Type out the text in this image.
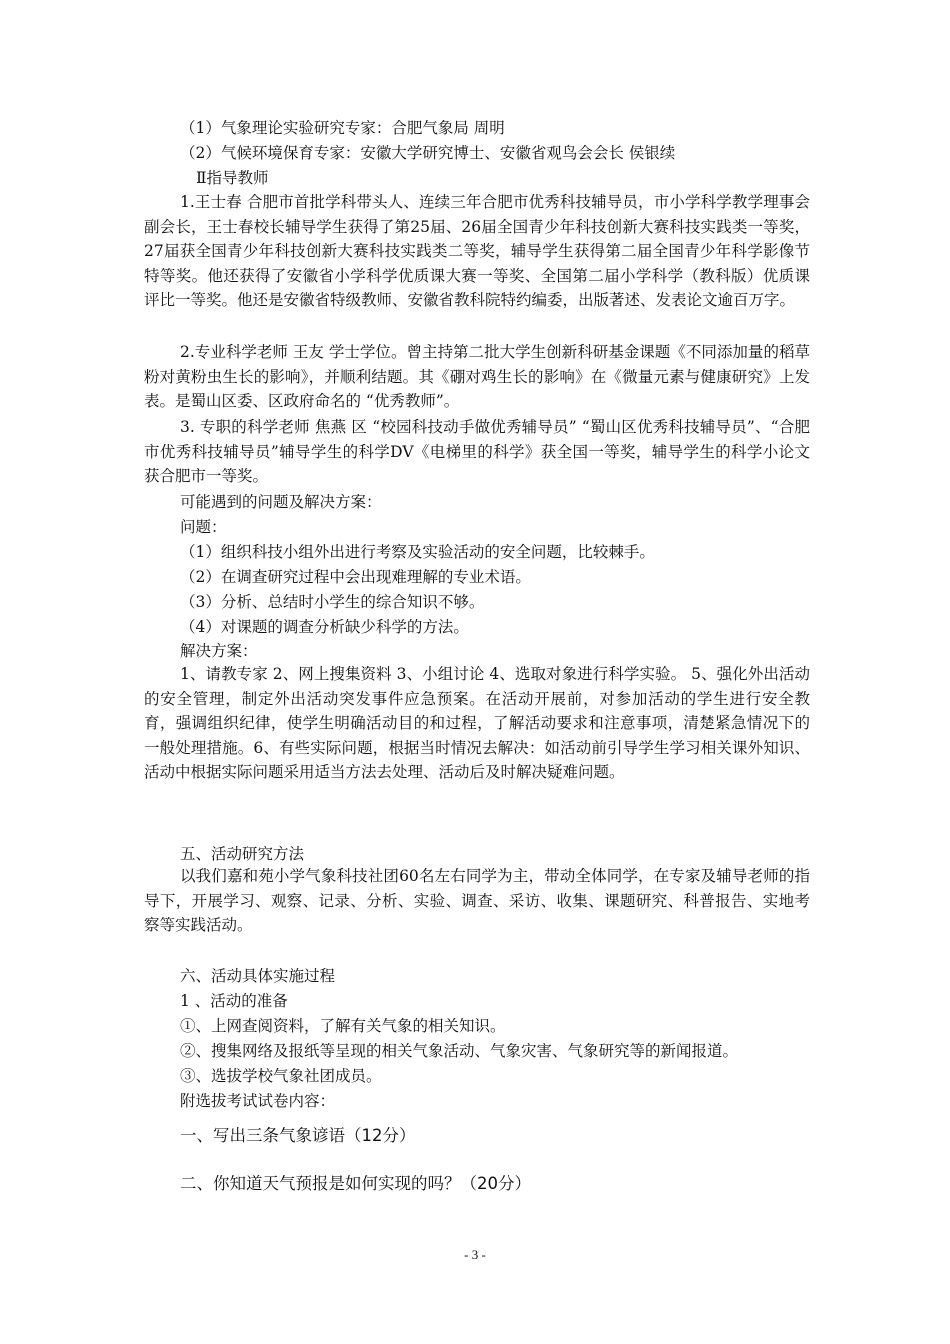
（1）气象理论实验研究专家：合肥气象局 周明
（2）气候环境保育专家：安徽大学研究博士、安徽省观鸟会会长 侯银续
Ⅱ指导教师
1.王士春 合肥市首批学科带头人、连续三年合肥市优秀科技辅导员，市小学科学教学理事会副会长，王士春校长辅导学生获得了第25届、26届全国青少年科技创新大赛科技实践类一等奖，27届获全国青少年科技创新大赛科技实践类二等奖，辅导学生获得第二届全国青少年科学影像节特等奖。他还获得了安徽省小学科学优质课大赛一等奖、全国第二届小学科学（教科版）优质课评比一等奖。他还是安徽省特级教师、安徽省教科院特约编委，出版著述、发表论文逾百万字。
2.专业科学老师 王友 学士学位。曾主持第二批大学生创新科研基金课题《不同添加量的稻草粉对黄粉虫生长的影响》，并顺利结题。其《硼对鸡生长的影响》在《微量元素与健康研究》上发表。是蜀山区委、区政府命名的 “优秀教师”。
3. 专职的科学老师 焦燕 区 “校园科技动手做优秀辅导员” “蜀山区优秀科技辅导员”、“合肥市优秀科技辅导员”辅导学生的科学DV《电梯里的科学》获全国一等奖，辅导学生的科学小论文获合肥市一等奖。
可能遇到的问题及解决方案：
问题：
（1）组织科技小组外出进行考察及实验活动的安全问题，比较棘手。
（2）在调查研究过程中会出现难理解的专业术语。
（3）分析、总结时小学生的综合知识不够。
（4）对课题的调查分析缺少科学的方法。
解决方案：
1、请教专家 2、网上搜集资料 3、小组讨论 4、选取对象进行科学实验。 5、强化外出活动的安全管理，制定外出活动突发事件应急预案。在活动开展前，对参加活动的学生进行安全教育，强调组织纪律，使学生明确活动目的和过程，了解活动要求和注意事项，清楚紧急情况下的一般处理措施。6、有些实际问题，根据当时情况去解决：如活动前引导学生学习相关课外知识、活动中根据实际问题采用适当方法去处理、活动后及时解决疑难问题。
五、活动研究方法
以我们嘉和苑小学气象科技社团60名左右同学为主，带动全体同学，在专家及辅导老师的指导下，开展学习、观察、记录、分析、实验、调查、采访、收集、课题研究、科普报告、实地考察等实践活动。
六、活动具体实施过程
1 、活动的准备
①、上网查阅资料，了解有关气象的相关知识。
②、搜集网络及报纸等呈现的相关气象活动、气象灾害、气象研究等的新闻报道。
③、选拔学校气象社团成员。
附选拔考试试卷内容：
一、写出三条气象谚语（12分）
二、你知道天气预报是如何实现的吗？（20分）
- 3 -
